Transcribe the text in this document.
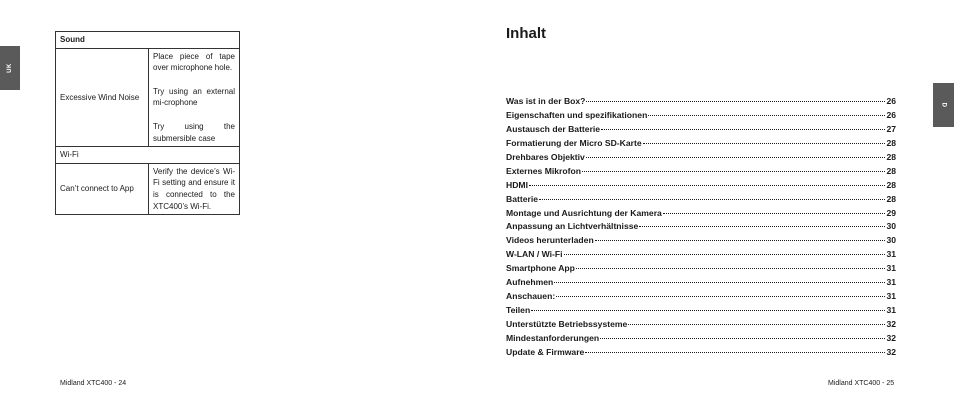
UK
Sound	
Excessive Wind Noise	Place piece of tape over microphone hole.

Try using an external mi-crophone

Try using the submersible case

Wi-Fi	
Can’t connect to App	Verify the device’s Wi-Fi setting and ensure it is connected to the XTC400’s Wi-Fi.

Midland XTC400 - 24
Inhalt
Was ist in der Box?	26
Eigenschaften und spezifikationen	26
Austausch der Batterie	27
Formatierung der Micro SD-Karte	28
Drehbares Objektiv	28
Externes Mikrofon	28
HDMI	28
Batterie	28
Montage und Ausrichtung der Kamera	29
Anpassung an Lichtverhältnisse	30
Videos herunterladen	30
W-LAN / Wi-Fi	31
Smartphone App	31
Aufnehmen	31
Anschauen:	31
Teilen	31
Unterstützte Betriebssysteme	32
Mindestanforderungen	32
Update & Firmware	32
Midland XTC400 - 25
D
